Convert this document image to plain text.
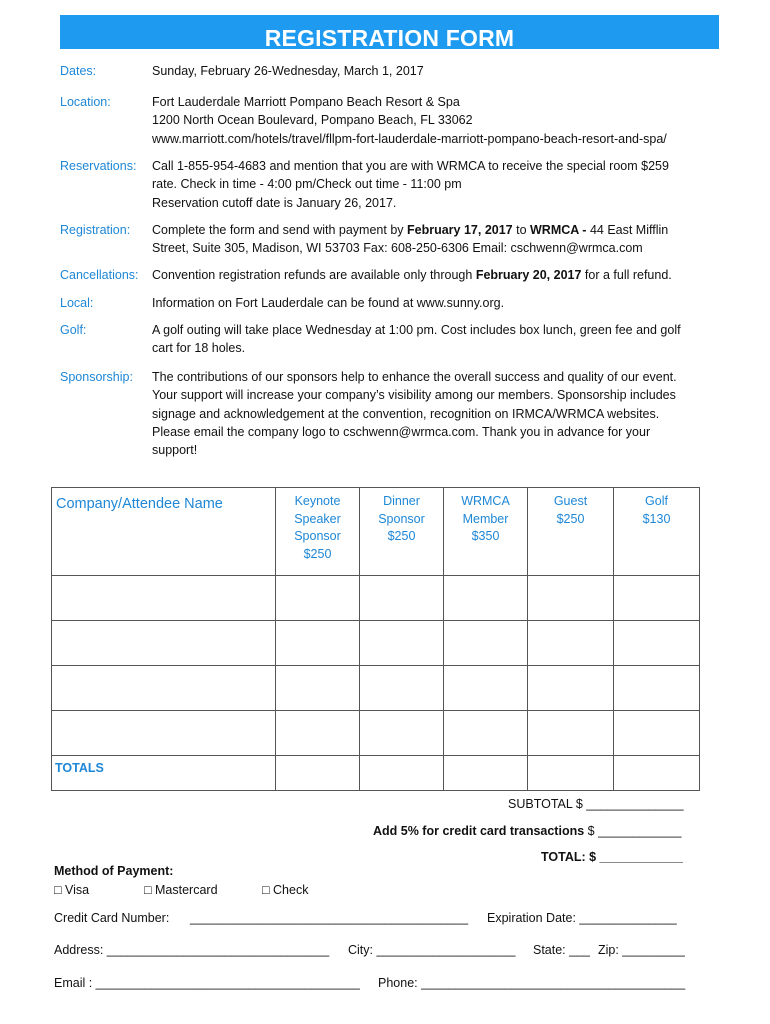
REGISTRATION FORM
Dates:	Sunday, February 26-Wednesday, March 1, 2017
Location:	Fort Lauderdale Marriott Pompano Beach Resort & Spa
1200 North Ocean Boulevard, Pompano Beach, FL 33062
www.marriott.com/hotels/travel/fllpm-fort-lauderdale-marriott-pompano-beach-resort-and-spa/
Reservations: Call 1-855-954-4683 and mention that you are with WRMCA to receive the special room $259
rate. Check in time - 4:00 pm/Check out time - 11:00 pm
Reservation cutoff date is January 26, 2017.
Registration: Complete the form and send with payment by February 17, 2017 to WRMCA - 44 East Mifflin
Street, Suite 305, Madison, WI 53703 Fax: 608-250-6306 Email: cschwenn@wrmca.com
Cancellations: Convention registration refunds are available only through February 20, 2017 for a full refund.
Local:	Information on Fort Lauderdale can be found at www.sunny.org.
Golf:	A golf outing will take place Wednesday at 1:00 pm. Cost includes box lunch, green fee and golf
cart for 18 holes.
Sponsorship: The contributions of our sponsors help to enhance the overall success and quality of our event.
Your support will increase your company’s visibility among our members. Sponsorship includes
signage and acknowledgement at the convention, recognition on IRMCA/WRMCA websites.
Please email the company logo to cschwenn@wrmca.com. Thank you in advance for your
support!
Company/Attendee Name	Keynote
Speaker
Sponsor
$250	Dinner
Sponsor
$250	WRMCA
Member
$350	Guest
$250	Golf
$130

TOTALS					
SUBTOTAL $ ______________
Add 5% for credit card transactions $ ____________
TOTAL: $ ____________
Method of Payment:
□ Visa	□ Mastercard	□ Check
Credit Card Number: ________________________________________ Expiration Date: ______________
Address: ________________________________ City: ____________________ State: ___ Zip: _________
Email : ______________________________________ Phone: ______________________________________
